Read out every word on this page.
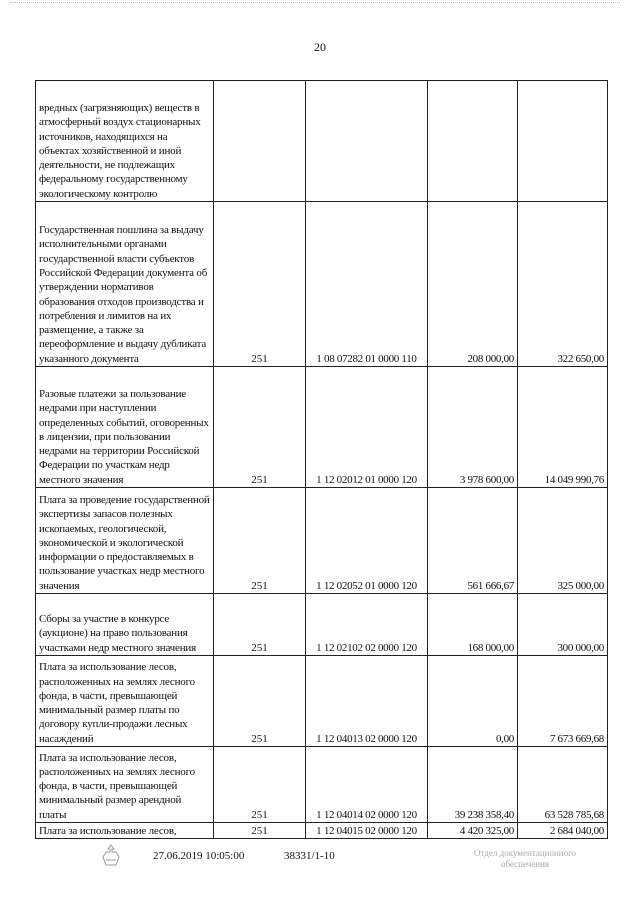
20
вредных (загрязняющих) веществ в атмосферный воздух стационарных источников, находящихся на объектах хозяйственной и иной деятельности, не подлежащих федеральному государственному экологическому контролю				
Государственная пошлина за выдачу исполнительными органами государственной власти субъектов Российской Федерации документа об утверждении нормативов образования отходов производства и потребления и лимитов на их размещение, а также за переоформление и выдачу дубликата указанного документа	251	1 08 07282 01 0000 110	208 000,00	322 650,00
Разовые платежи за пользование недрами при наступлении определенных событий, оговоренных в лицензии, при пользовании недрами на территории Российской Федерации по участкам недр местного значения	251	1 12 02012 01 0000 120	3 978 600,00	14 049 990,76
Плата за проведение государственной экспертизы запасов полезных ископаемых, геологической, экономической и экологической информации о предоставляемых в пользование участках недр местного значения	251	1 12 02052 01 0000 120	561 666,67	325 000,00
Сборы за участие в конкурсе (аукционе) на право пользования участками недр местного значения	251	1 12 02102 02 0000 120	168 000,00	300 000,00
Плата за использование лесов, расположенных на землях лесного фонда, в части, превышающей минимальный размер платы по договору купли-продажи лесных насаждений	251	1 12 04013 02 0000 120	0,00	7 673 669,68
Плата за использование лесов, расположенных на землях лесного фонда, в части, превышающей минимальный размер арендной платы	251	1 12 04014 02 0000 120	39 238 358,40	63 528 785,68
Плата за использование лесов,	251	1 12 04015 02 0000 120	4 420 325,00	2 684 040,00
27.06.2019 10:05:00	38331/1-10	Отдел документационного обеспечения
